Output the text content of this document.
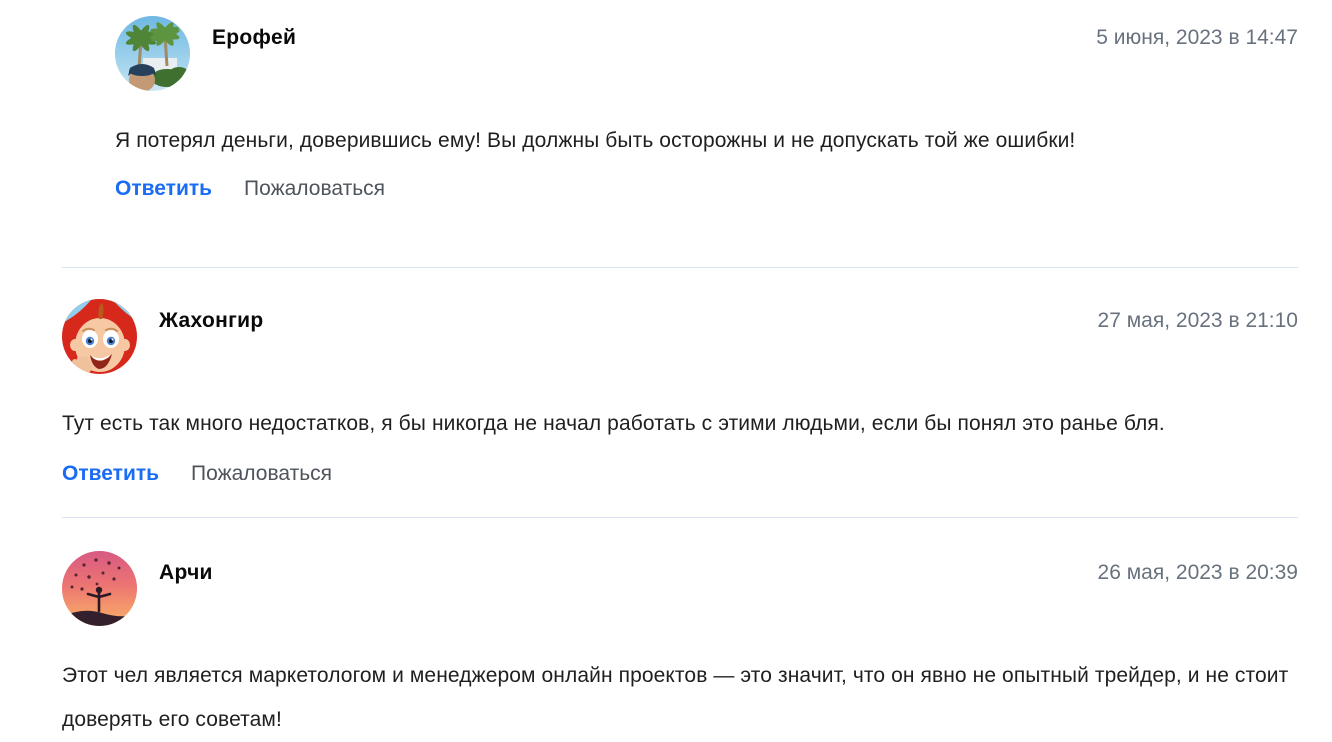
Ерофей	5 июня, 2023 в 14:47
Я потерял деньги, доверившись ему! Вы должны быть осторожны и не допускать той же ошибки!
Ответить Пожаловаться
Жахонгир	27 мая, 2023 в 21:10
Тут есть так много недостатков, я бы никогда не начал работать с этими людьми, если бы понял это ранье бля.
Ответить Пожаловаться
Арчи	26 мая, 2023 в 20:39
Этот чел является маркетологом и менеджером онлайн проектов — это значит, что он явно не опытный трейдер, и не стоит доверять его советам!
